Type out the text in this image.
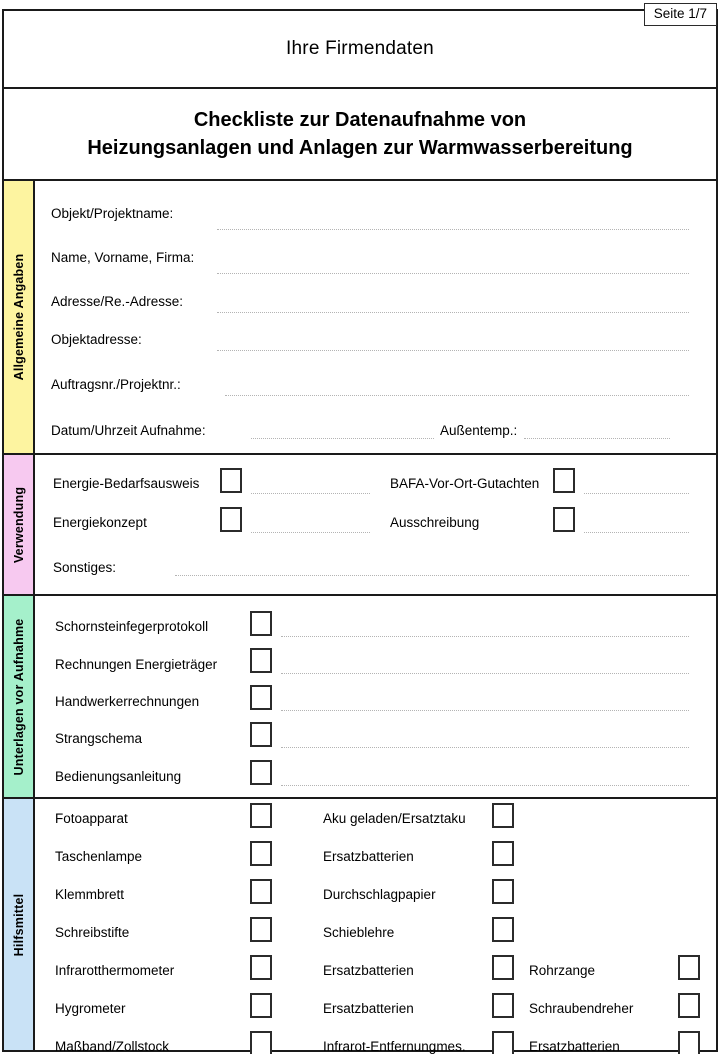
Seite 1/7
Ihre Firmendaten
Checkliste zur Datenaufnahme von
Heizungsanlagen und Anlagen zur Warmwasserbereitung
Allgemeine Angaben
Objekt/Projektname:
Name, Vorname, Firma:
Adresse/Re.-Adresse:
Objektadresse:
Auftragsnr./Projektnr.:
Datum/Uhrzeit Aufnahme:	Außentemp.:
Verwendung
Energie-Bedarfsausweis	BAFA-Vor-Ort-Gutachten
Energiekonzept	Ausschreibung
Sonstiges:
Unterlagen vor Aufnahme Schornsteinfegerprotokoll
Rechnungen Energieträger
Handwerkerrechnungen
Strangschema
Bedienungsanleitung
Hilfsmittel
Fotoapparat	Aku geladen/Ersatztaku
Taschenlampe	Ersatzbatterien
Klemmbrett	Durchschlagpapier
Schreibstifte	Schieblehre
Infrarotthermometer	Ersatzbatterien	Rohrzange
Hygrometer	Ersatzbatterien	Schraubendreher
Maßband/Zollstock	Infrarot-Entfernungmes.	Ersatzbatterien
